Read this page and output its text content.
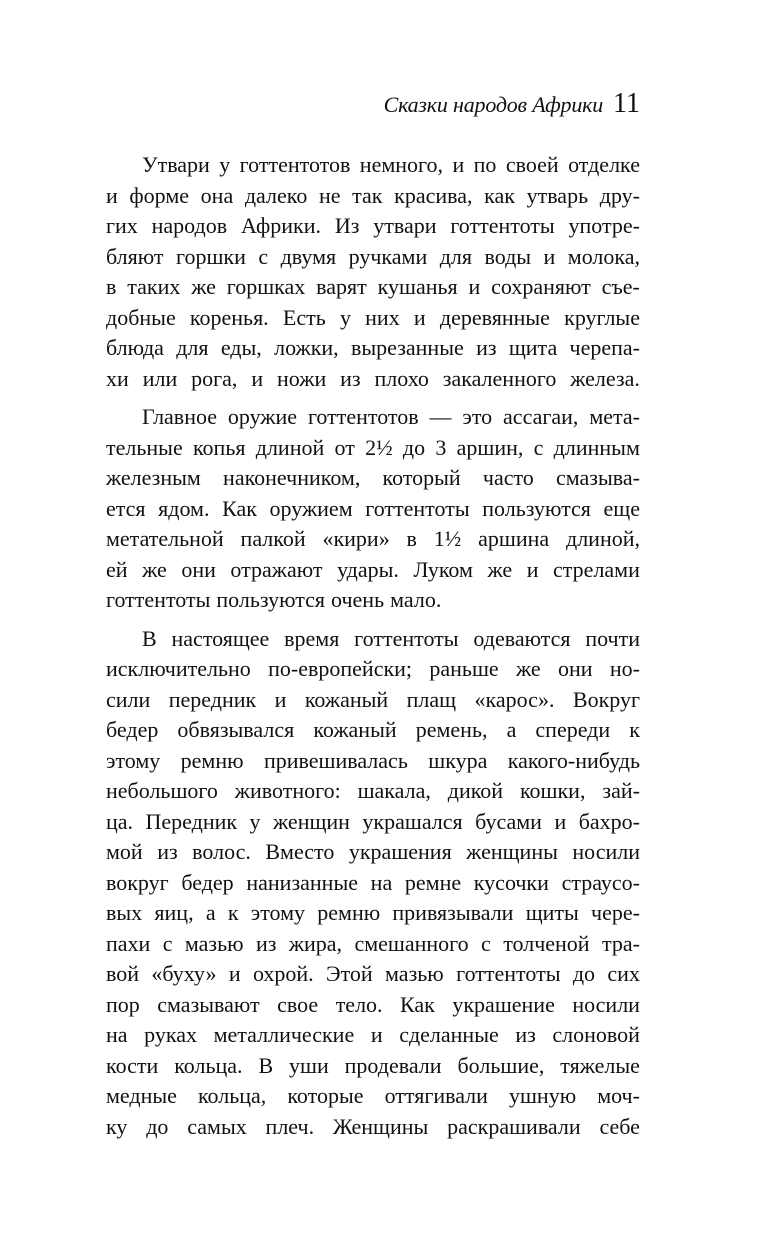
Сказки народов Африки 11
Утвари у готтентотов немного, и по своей отделке
и форме она далеко не так красива, как утварь дру-
гих народов Африки. Из утвари готтентоты употре-
бляют горшки с двумя ручками для воды и молока,
в таких же горшках варят кушанья и сохраняют съе-
добные коренья. Есть у них и деревянные круглые
блюда для еды, ложки, вырезанные из щита черепа-
хи или рога, и ножи из плохо закаленного железа.
Главное оружие готтентотов — это ассагаи, мета-
тельные копья длиной от 2½ до 3 аршин, с длинным
железным наконечником, который часто смазыва-
ется ядом. Как оружием готтентоты пользуются еще
метательной палкой «кири» в 1½ аршина длиной,
ей же они отражают удары. Луком же и стрелами
готтентоты пользуются очень мало.
В настоящее время готтентоты одеваются почти
исключительно по-европейски; раньше же они но-
сили передник и кожаный плащ «карос». Вокруг
бедер обвязывался кожаный ремень, а спереди к
этому ремню привешивалась шкура какого-нибудь
небольшого животного: шакала, дикой кошки, зай-
ца. Передник у женщин украшался бусами и бахро-
мой из волос. Вместо украшения женщины носили
вокруг бедер нанизанные на ремне кусочки страусо-
вых яиц, а к этому ремню привязывали щиты чере-
пахи с мазью из жира, смешанного с толченой тра-
вой «буху» и охрой. Этой мазью готтентоты до сих
пор смазывают свое тело. Как украшение носили
на руках металлические и сделанные из слоновой
кости кольца. В уши продевали большие, тяжелые
медные кольца, которые оттягивали ушную моч-
ку до самых плеч. Женщины раскрашивали себе
